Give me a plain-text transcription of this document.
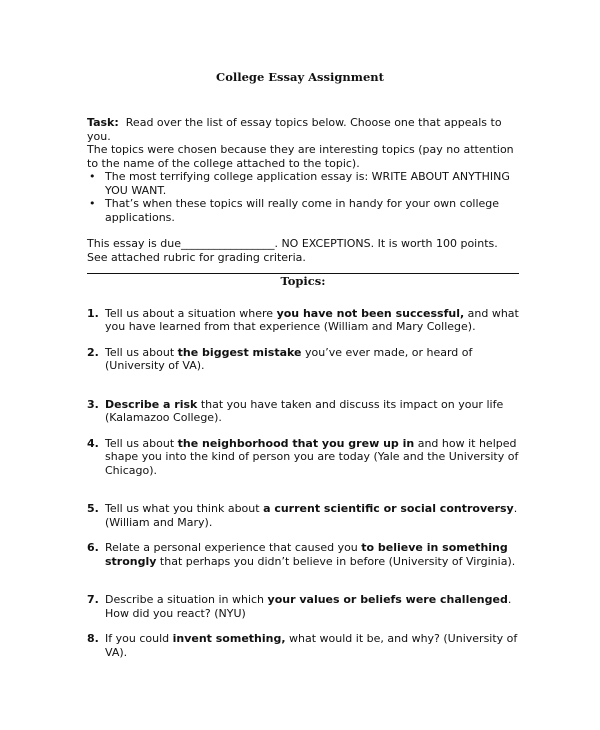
College Essay Assignment
Task: Read over the list of essay topics below. Choose one that appeals to you.
The topics were chosen because they are interesting topics (pay no attention to the name of the college attached to the topic).
• The most terrifying college application essay is: WRITE ABOUT ANYTHING YOU WANT.
• That’s when these topics will really come in handy for your own college applications.
This essay is due_________________. NO EXCEPTIONS. It is worth 100 points. See attached rubric for grading criteria.
Topics:
1. Tell us about a situation where you have not been successful, and what you have learned from that experience (William and Mary College).
2. Tell us about the biggest mistake you’ve ever made, or heard of (University of VA).
3. Describe a risk that you have taken and discuss its impact on your life (Kalamazoo College).
4. Tell us about the neighborhood that you grew up in and how it helped shape you into the kind of person you are today (Yale and the University of Chicago).
5. Tell us what you think about a current scientific or social controversy. (William and Mary).
6. Relate a personal experience that caused you to believe in something strongly that perhaps you didn’t believe in before (University of Virginia).
7. Describe a situation in which your values or beliefs were challenged. How did you react? (NYU)
8. If you could invent something, what would it be, and why? (University of VA).
